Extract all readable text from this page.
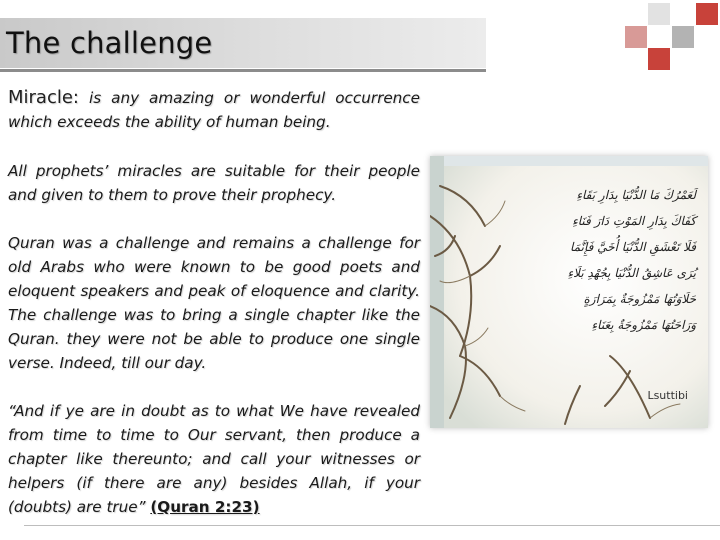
The challenge
Miracle: is any amazing or wonderful occurrence which exceeds the ability of human being.
All prophets’ miracles are suitable for their people and given to them to prove their prophecy.
Quran was a challenge and remains a challenge for old Arabs who were known to be good poets and eloquent speakers and peak of eloquence and clarity. The challenge was to bring a single chapter like the Quran. they were not be able to produce one single verse. Indeed, till our day.
“And if ye are in doubt as to what We have revealed from time to time to Our servant, then produce a chapter like thereunto; and call your witnesses or helpers (if there are any) besides Allah, if your (doubts) are true” (Quran 2:23)
لَعَمْرُكَ مَا الدُّنْيَا بِدَارِ بَقَاءِ
كَفَاكَ بِدَارِ المَوْتِ دَارَ فَنَاءِ
فَلَا تَعْشَقِ الدُّنْيَا أُخَيَّ فَإِنَّمَا
يُرَى عَاشِقُ الدُّنْيَا بِجُهْدِ بَلَاءِ
حَلَاوَتُهَا مَمْزُوجَةٌ بِمَرَارَةٍ
وَرَاحَتُهَا مَمْزُوجَةٌ بِعَنَاءِ
Lsuttibi
